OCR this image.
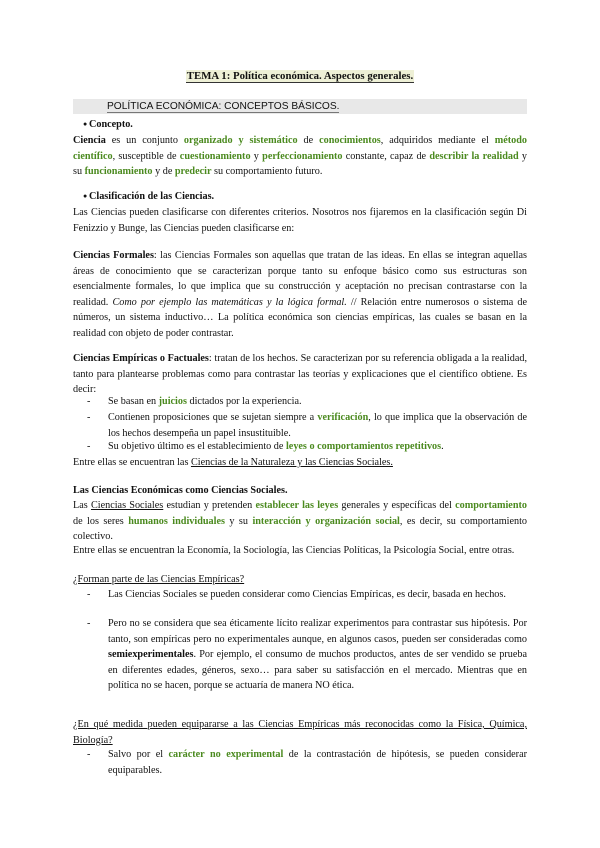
TEMA 1: Política económica. Aspectos generales.
POLÍTICA ECONÓMICA: CONCEPTOS BÁSICOS.
● Concepto.
Ciencia es un conjunto organizado y sistemático de conocimientos, adquiridos mediante el método científico, susceptible de cuestionamiento y perfeccionamiento constante, capaz de describir la realidad y su funcionamiento y de predecir su comportamiento futuro.
● Clasificación de las Ciencias.
Las Ciencias pueden clasificarse con diferentes criterios. Nosotros nos fijaremos en la clasificación según Di Fenizzio y Bunge, las Ciencias pueden clasificarse en:
Ciencias Formales: las Ciencias Formales son aquellas que tratan de las ideas. En ellas se integran aquellas áreas de conocimiento que se caracterizan porque tanto su enfoque básico como sus estructuras son esencialmente formales, lo que implica que su construcción y aceptación no precisan contrastarse con la realidad. Como por ejemplo las matemáticas y la lógica formal. // Relación entre numerosos o sistema de números, un sistema inductivo… La política económica son ciencias empíricas, las cuales se basan en la realidad con objeto de poder contrastar.
Ciencias Empíricas o Factuales: tratan de los hechos. Se caracterizan por su referencia obligada a la realidad, tanto para plantearse problemas como para contrastar las teorías y explicaciones que el científico obtiene. Es decir:
- Se basan en juicios dictados por la experiencia.
- Contienen proposiciones que se sujetan siempre a verificación, lo que implica que la observación de los hechos desempeña un papel insustituible.
- Su objetivo último es el establecimiento de leyes o comportamientos repetitivos.
Entre ellas se encuentran las Ciencias de la Naturaleza y las Ciencias Sociales.
Las Ciencias Económicas como Ciencias Sociales.
Las Ciencias Sociales estudian y pretenden establecer las leyes generales y específicas del comportamiento de los seres humanos individuales y su interacción y organización social, es decir, su comportamiento colectivo.
Entre ellas se encuentran la Economía, la Sociología, las Ciencias Políticas, la Psicología Social, entre otras.
¿Forman parte de las Ciencias Empíricas?
- Las Ciencias Sociales se pueden considerar como Ciencias Empíricas, es decir, basada en hechos.
- Pero no se considera que sea éticamente lícito realizar experimentos para contrastar sus hipótesis. Por tanto, son empíricas pero no experimentales aunque, en algunos casos, pueden ser consideradas como semiexperimentales. Por ejemplo, el consumo de muchos productos, antes de ser vendido se prueba en diferentes edades, géneros, sexo… para saber su satisfacción en el mercado. Mientras que en política no se hacen, porque se actuaría de manera NO ética.
¿En qué medida pueden equipararse a las Ciencias Empíricas más reconocidas como la Física, Química, Biología?
- Salvo por el carácter no experimental de la contrastación de hipótesis, se pueden considerar equiparables.
